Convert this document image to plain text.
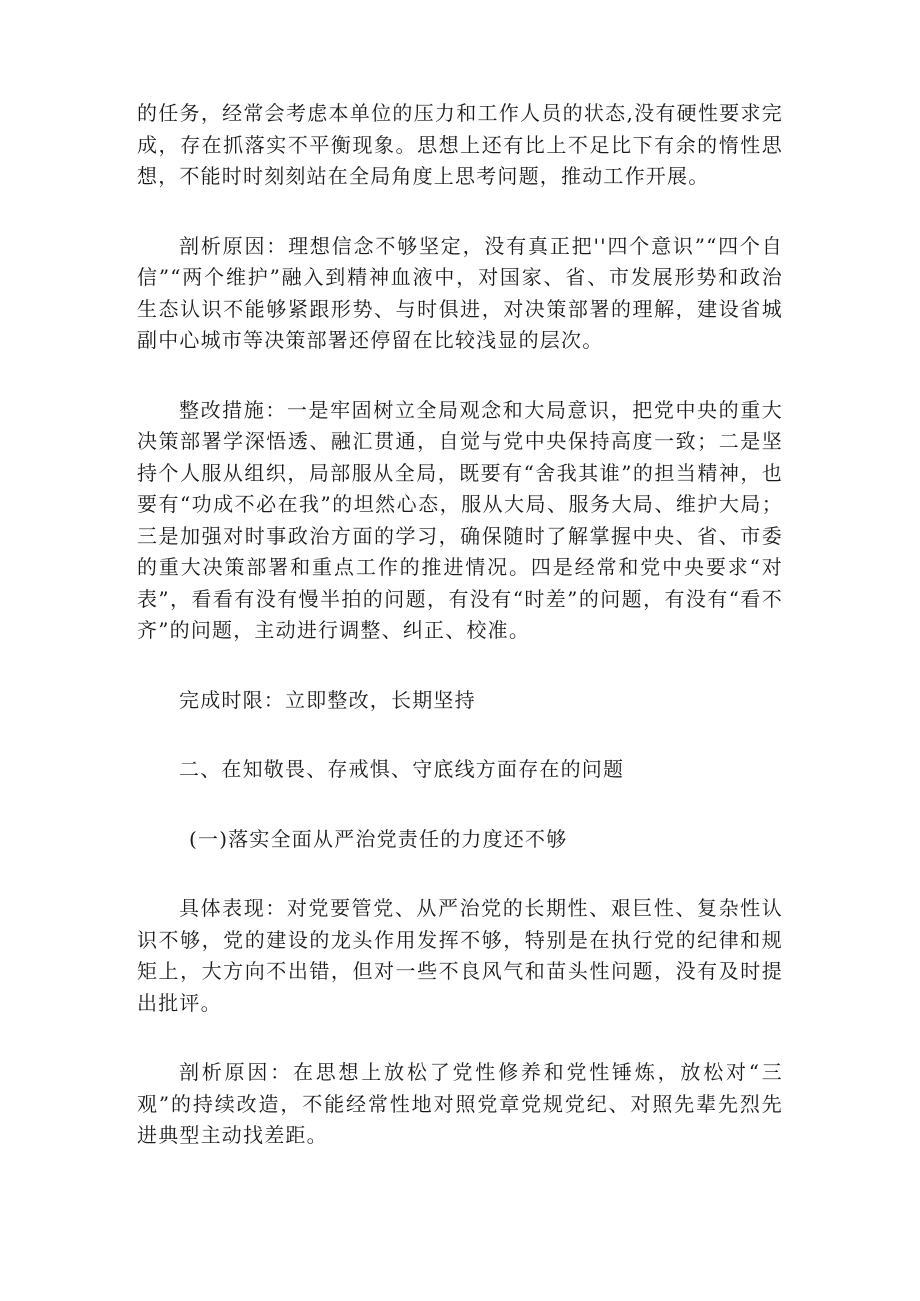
的任务，经常会考虑本单位的压力和工作人员的状态,没有硬性要求完成，存在抓落实不平衡现象。思想上还有比上不足比下有余的惰性思想，不能时时刻刻站在全局角度上思考问题，推动工作开展。

剖析原因：理想信念不够坚定，没有真正把''四个意识”“四个自信”“两个维护”融入到精神血液中，对国家、省、市发展形势和政治生态认识不能够紧跟形势、与时俱进，对决策部署的理解，建设省城副中心城市等决策部署还停留在比较浅显的层次。

整改措施：一是牢固树立全局观念和大局意识，把党中央的重大决策部署学深悟透、融汇贯通，自觉与党中央保持高度一致；二是坚持个人服从组织，局部服从全局，既要有“舍我其谁”的担当精神，也要有“功成不必在我”的坦然心态，服从大局、服务大局、维护大局；三是加强对时事政治方面的学习，确保随时了解掌握中央、省、市委的重大决策部署和重点工作的推进情况。四是经常和党中央要求“对表”，看看有没有慢半拍的问题，有没有“时差”的问题，有没有“看不齐”的问题，主动进行调整、纠正、校准。

完成时限：立即整改，长期坚持

二、在知敬畏、存戒惧、守底线方面存在的问题

(一)落实全面从严治党责任的力度还不够

具体表现：对党要管党、从严治党的长期性、艰巨性、复杂性认识不够，党的建设的龙头作用发挥不够，特别是在执行党的纪律和规矩上，大方向不出错，但对一些不良风气和苗头性问题，没有及时提出批评。

剖析原因：在思想上放松了党性修养和党性锤炼，放松对“三观”的持续改造，不能经常性地对照党章党规党纪、对照先辈先烈先进典型主动找差距。
